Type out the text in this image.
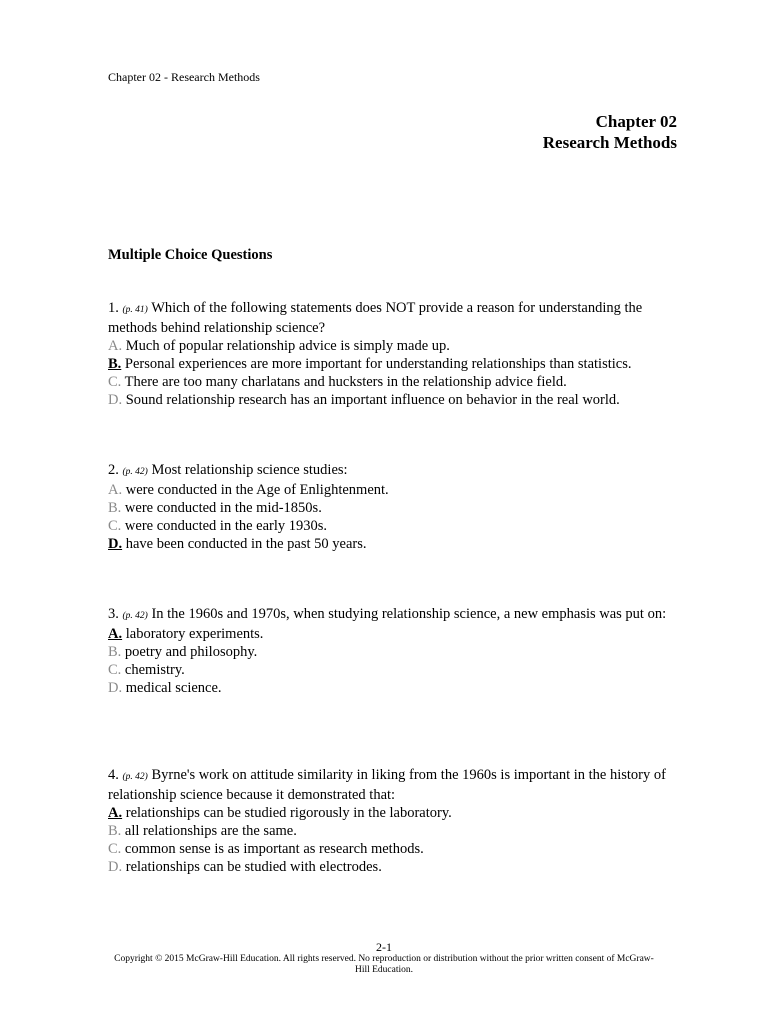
Chapter 02 - Research Methods
Chapter 02
Research Methods
Multiple Choice Questions
1. (p. 41) Which of the following statements does NOT provide a reason for understanding the methods behind relationship science?
A. Much of popular relationship advice is simply made up.
B. Personal experiences are more important for understanding relationships than statistics.
C. There are too many charlatans and hucksters in the relationship advice field.
D. Sound relationship research has an important influence on behavior in the real world.
2. (p. 42) Most relationship science studies:
A. were conducted in the Age of Enlightenment.
B. were conducted in the mid-1850s.
C. were conducted in the early 1930s.
D. have been conducted in the past 50 years.
3. (p. 42) In the 1960s and 1970s, when studying relationship science, a new emphasis was put on:
A. laboratory experiments.
B. poetry and philosophy.
C. chemistry.
D. medical science.
4. (p. 42) Byrne's work on attitude similarity in liking from the 1960s is important in the history of relationship science because it demonstrated that:
A. relationships can be studied rigorously in the laboratory.
B. all relationships are the same.
C. common sense is as important as research methods.
D. relationships can be studied with electrodes.
2-1
Copyright © 2015 McGraw-Hill Education. All rights reserved. No reproduction or distribution without the prior written consent of McGraw-Hill Education.
